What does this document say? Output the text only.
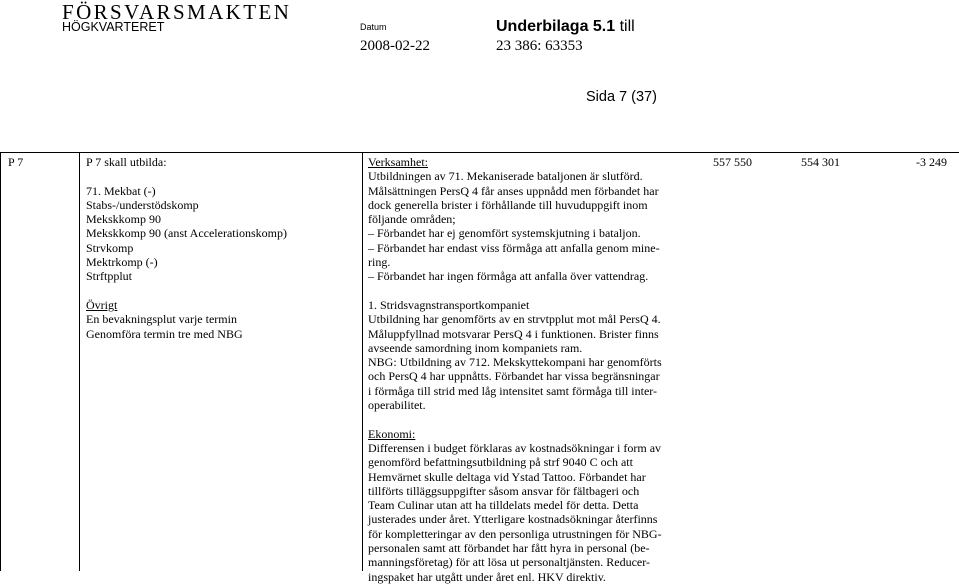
FÖRSVARSMAKTEN
HÖGKVARTERET	Datum
2008-02-22
Underbilaga 5.1 till
23 386: 63353
Sida 7 (37)
P 7	P 7 skall utbilda:

71. Mekbat (-)
Stabs-/understödskomp
Mekskkomp 90
Mekskkomp 90 (anst Accelerationskomp)
Strvkomp
Mektrkomp (-)
Strftpplut

Övrigt
En bevakningsplut varje termin
Genomföra termin tre med NBG
Verksamhet:
Utbildningen av 71. Mekaniserade bataljonen är slutförd.
Målsättningen PersQ 4 får anses uppnådd men förbandet har
dock generella brister i förhållande till huvuduppgift inom
följande områden;
– Förbandet har ej genomfört systemskjutning i bataljon.
– Förbandet har endast viss förmåga att anfalla genom mine-
ring.
– Förbandet har ingen förmåga att anfalla över vattendrag.

1. Stridsvagnstransportkompaniet
Utbildning har genomförts av en strvtpplut mot mål PersQ 4.
Måluppfyllnad motsvarar PersQ 4 i funktionen. Brister finns
avseende samordning inom kompaniets ram.
NBG: Utbildning av 712. Mekskyttekompani har genomförts
och PersQ 4 har uppnåtts. Förbandet har vissa begränsningar
i förmåga till strid med låg intensitet samt förmåga till inter-
operabilitet.

Ekonomi:
Differensen i budget förklaras av kostnadsökningar i form av
genomförd befattningsutbildning på strf 9040 C och att
Hemvärnet skulle deltaga vid Ystad Tattoo. Förbandet har
tillförts tilläggsuppgifter såsom ansvar för fältbageri och
Team Culinar utan att ha tilldelats medel för detta. Detta
justerades under året. Ytterligare kostnadsökningar återfinns
för kompletteringar av den personliga utrustningen för NBG-
personalen samt att förbandet har fått hyra in personal (be-
manningsföretag) för att lösa ut personaltjänsten. Reducer-
ingspaket har utgått under året enl. HKV direktiv.
557 550	554 301	-3 249
